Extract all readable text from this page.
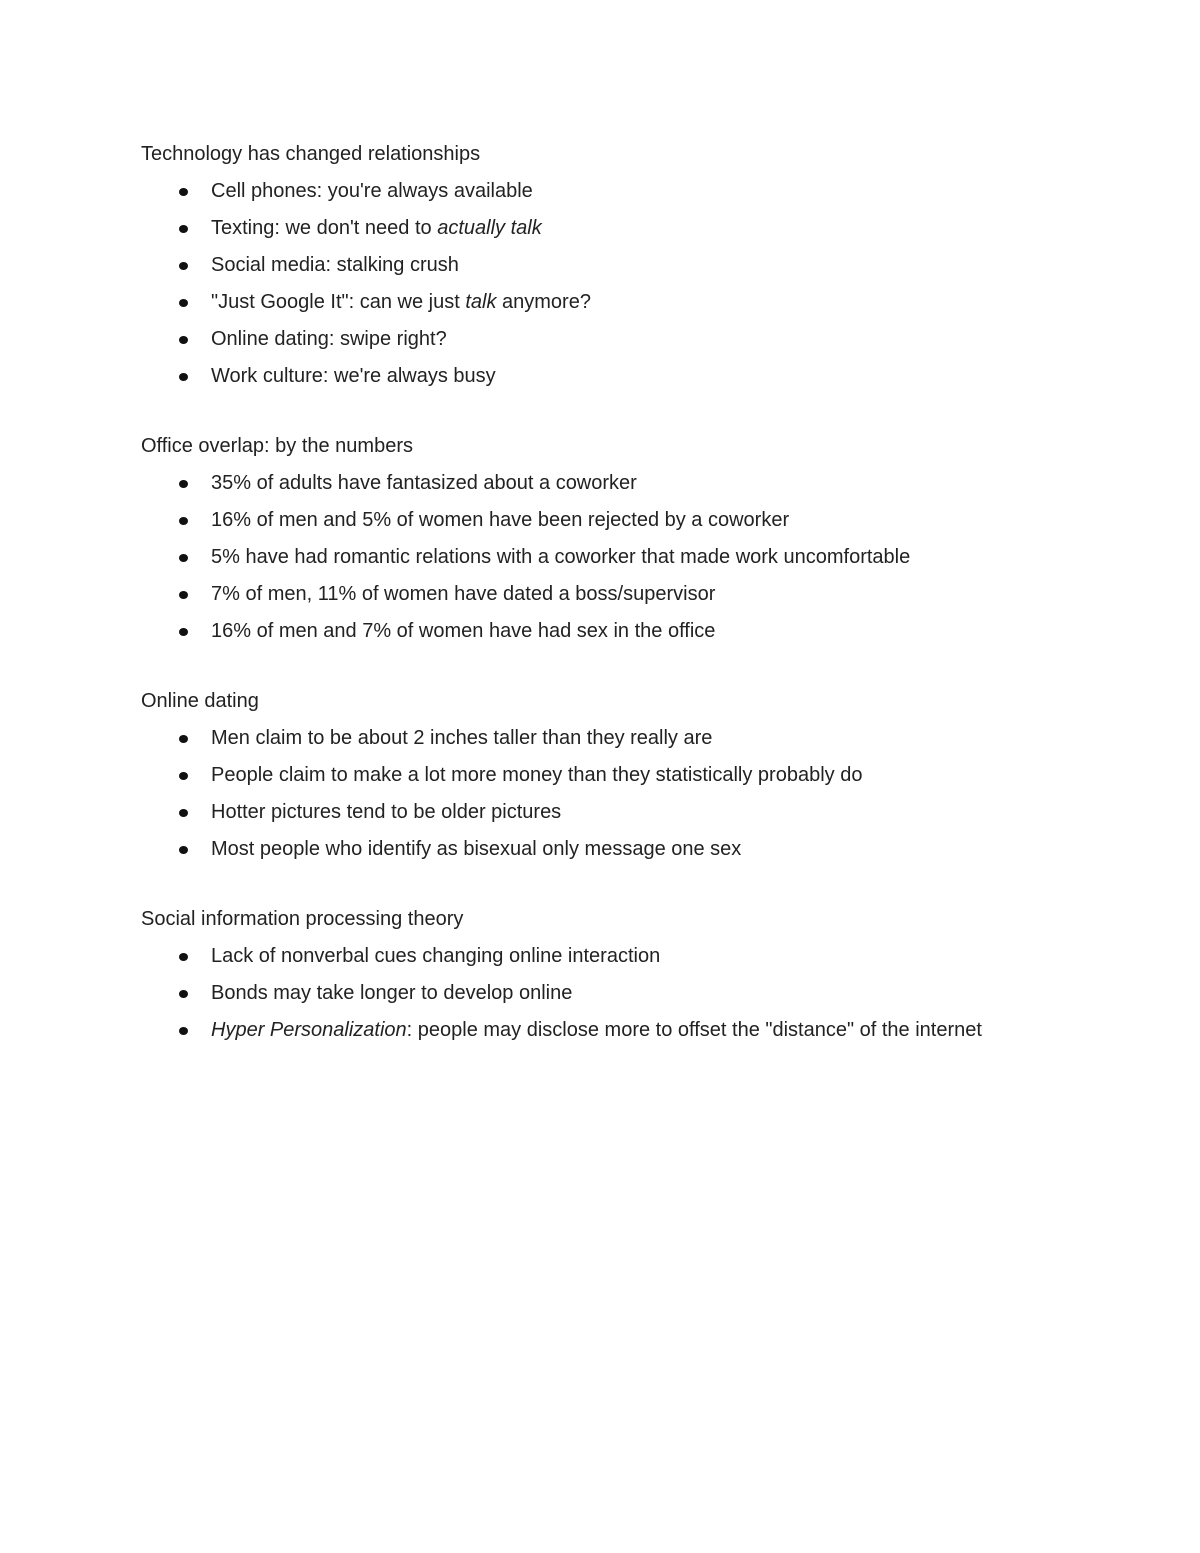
Technology has changed relationships
Cell phones: you're always available
Texting: we don't need to actually talk
Social media: stalking crush
"Just Google It": can we just talk anymore?
Online dating: swipe right?
Work culture: we're always busy
Office overlap: by the numbers
35% of adults have fantasized about a coworker
16% of men and 5% of women have been rejected by a coworker
5% have had romantic relations with a coworker that made work uncomfortable
7% of men, 11% of women have dated a boss/supervisor
16% of men and 7% of women have had sex in the office
Online dating
Men claim to be about 2 inches taller than they really are
People claim to make a lot more money than they statistically probably do
Hotter pictures tend to be older pictures
Most people who identify as bisexual only message one sex
Social information processing theory
Lack of nonverbal cues changing online interaction
Bonds may take longer to develop online
Hyper Personalization: people may disclose more to offset the "distance" of the internet
